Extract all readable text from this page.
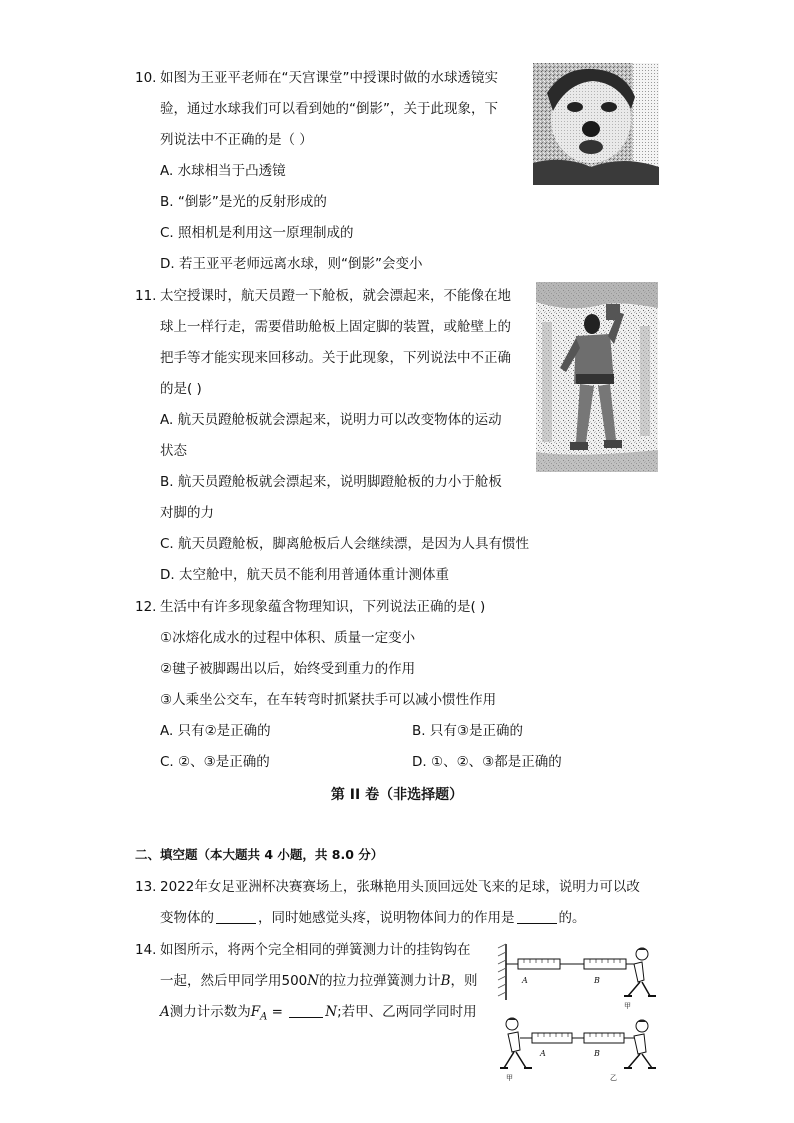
10. 如图为王亚平老师在“天宫课堂”中授课时做的水球透镜实
验，通过水球我们可以看到她的“倒影”，关于此现象，下
列说法中不正确的是（ ）
A. 水球相当于凸透镜
B. “倒影”是光的反射形成的
C. 照相机是利用这一原理制成的
D. 若王亚平老师远离水球，则“倒影”会变小
11. 太空授课时，航天员蹬一下舱板，就会漂起来，不能像在地
球上一样行走，需要借助舱板上固定脚的装置，或舱壁上的
把手等才能实现来回移动。关于此现象，下列说法中不正确
的是( )
A. 航天员蹬舱板就会漂起来，说明力可以改变物体的运动
状态
B. 航天员蹬舱板就会漂起来，说明脚蹬舱板的力小于舱板
对脚的力
C. 航天员蹬舱板，脚离舱板后人会继续漂，是因为人具有惯性
D. 太空舱中，航天员不能利用普通体重计测体重
12. 生活中有许多现象蕴含物理知识，下列说法正确的是( )
①冰熔化成水的过程中体积、质量一定变小
②毽子被脚踢出以后，始终受到重力的作用
③人乘坐公交车，在车转弯时抓紧扶手可以减小惯性作用
A. 只有②是正确的	B. 只有③是正确的
C. ②、③是正确的	D. ①、②、③都是正确的
第 II 卷（非选择题）
二、填空题（本大题共 4 小题，共 8.0 分）
13. 2022年女足亚洲杯决赛赛场上，张琳艳用头顶回远处飞来的足球，说明力可以改
变物体的	，同时她感觉头疼，说明物体间力的作用是	的。
14. 如图所示，将两个完全相同的弹簧测力计的挂钩钩在
一起，然后甲同学用500N的拉力拉弹簧测力计B，则
A测力计示数为$F_A$ =	N;若甲、乙两同学同时用
A	B
甲
A	B
甲	乙
